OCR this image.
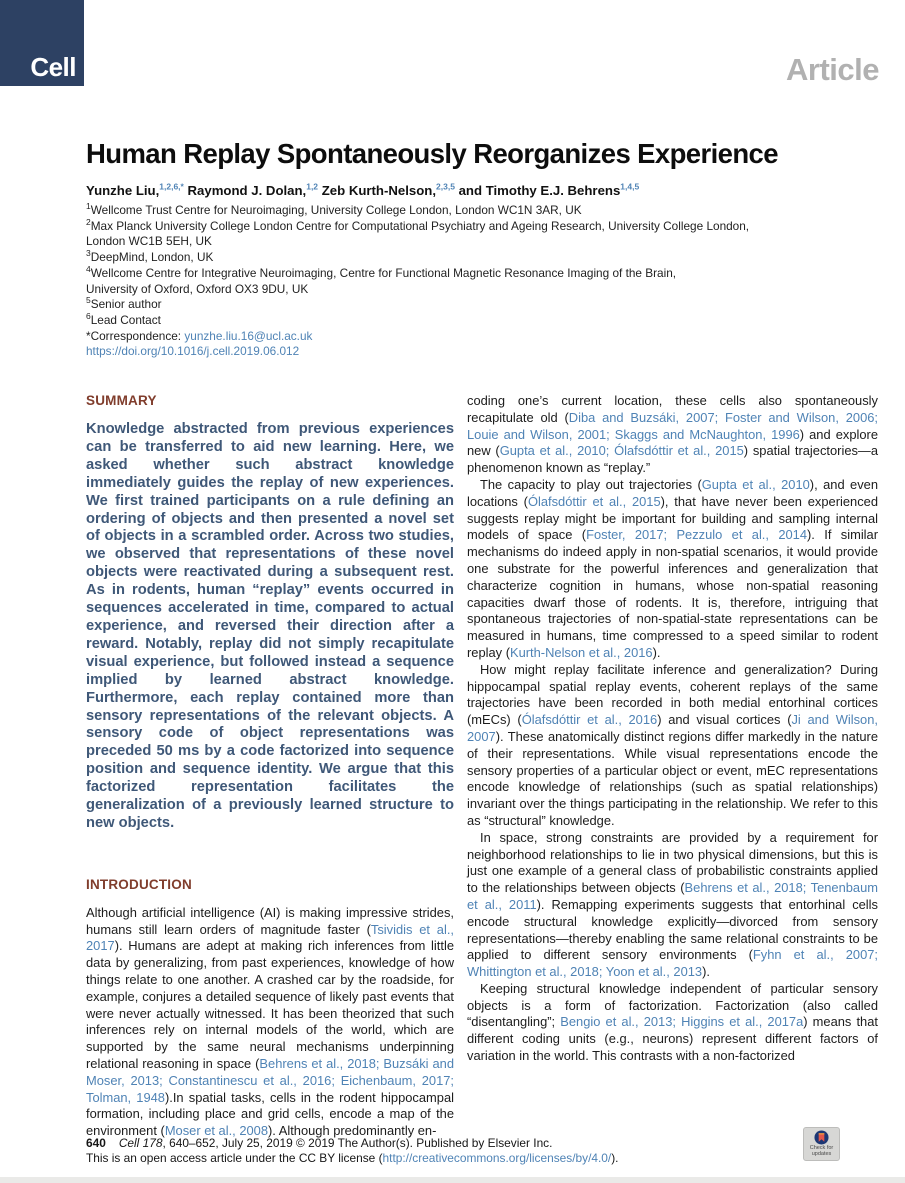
Cell	Article
Human Replay Spontaneously Reorganizes Experience
Yunzhe Liu,$^{1,2,6,*}$ Raymond J. Dolan,$^{1,2}$ Zeb Kurth-Nelson,$^{2,3,5}$ and Timothy E.J. Behrens$^{1,4,5}$

$^1$Wellcome Trust Centre for Neuroimaging, University College London, London WC1N 3AR, UK

$^2$Max Planck University College London Centre for Computational Psychiatry and Ageing Research, University College London,
London WC1B 5EH, UK

$^3$DeepMind, London, UK

$^4$Wellcome Centre for Integrative Neuroimaging, Centre for Functional Magnetic Resonance Imaging of the Brain,
University of Oxford, Oxford OX3 9DU, UK

$^5$Senior author

$^6$Lead Contact

*Correspondence: yunzhe.liu.16@ucl.ac.uk

https://doi.org/10.1016/j.cell.2019.06.012

SUMMARY

Knowledge abstracted from previous experiences can be transferred to aid new learning. Here, we asked whether such abstract knowledge immediately guides the replay of new experiences. We first trained participants on a rule defining an ordering of objects and then presented a novel set of objects in a scrambled order. Across two studies, we observed that representations of these novel objects were reactivated during a subsequent rest. As in rodents, human “replay” events occurred in sequences accelerated in time, compared to actual experience, and reversed their direction after a reward. Notably, replay did not simply recapitulate visual experience, but followed instead a sequence implied by learned abstract knowledge. Furthermore, each replay contained more than sensory representations of the relevant objects. A sensory code of object representations was preceded 50 ms by a code factorized into sequence position and sequence identity. We argue that this factorized representation facilitates the generalization of a previously learned structure to new objects.

INTRODUCTION

Although artificial intelligence (AI) is making impressive strides, humans still learn orders of magnitude faster (Tsividis et al., 2017). Humans are adept at making rich inferences from little data by generalizing, from past experiences, knowledge of how things relate to one another. A crashed car by the roadside, for example, conjures a detailed sequence of likely past events that were never actually witnessed. It has been theorized that such inferences rely on internal models of the world, which are supported by the same neural mechanisms underpinning relational reasoning in space (Behrens et al., 2018; Buzsáki and Moser, 2013; Constantinescu et al., 2016; Eichenbaum, 2017; Tolman, 1948).In spatial tasks, cells in the rodent hippocampal formation, including place and grid cells, encode a map of the environment (Moser et al., 2008). Although predominantly en-

coding one’s current location, these cells also spontaneously recapitulate old (Diba and Buzsáki, 2007; Foster and Wilson, 2006; Louie and Wilson, 2001; Skaggs and McNaughton, 1996) and explore new (Gupta et al., 2010; Ólafsdóttir et al., 2015) spatial trajectories—a phenomenon known as “replay.”

The capacity to play out trajectories (Gupta et al., 2010), and even locations (Ólafsdóttir et al., 2015), that have never been experienced suggests replay might be important for building and sampling internal models of space (Foster, 2017; Pezzulo et al., 2014). If similar mechanisms do indeed apply in non-spatial scenarios, it would provide one substrate for the powerful inferences and generalization that characterize cognition in humans, whose non-spatial reasoning capacities dwarf those of rodents. It is, therefore, intriguing that spontaneous trajectories of non-spatial-state representations can be measured in humans, time compressed to a speed similar to rodent replay (Kurth-Nelson et al., 2016).

How might replay facilitate inference and generalization? During hippocampal spatial replay events, coherent replays of the same trajectories have been recorded in both medial entorhinal cortices (mECs) (Ólafsdóttir et al., 2016) and visual cortices (Ji and Wilson, 2007). These anatomically distinct regions differ markedly in the nature of their representations. While visual representations encode the sensory properties of a particular object or event, mEC representations encode knowledge of relationships (such as spatial relationships) invariant over the things participating in the relationship. We refer to this as “structural” knowledge.

In space, strong constraints are provided by a requirement for neighborhood relationships to lie in two physical dimensions, but this is just one example of a general class of probabilistic constraints applied to the relationships between objects (Behrens et al., 2018; Tenenbaum et al., 2011). Remapping experiments suggests that entorhinal cells encode structural knowledge explicitly—divorced from sensory representations—thereby enabling the same relational constraints to be applied to different sensory environments (Fyhn et al., 2007; Whittington et al., 2018; Yoon et al., 2013).

Keeping structural knowledge independent of particular sensory objects is a form of factorization. Factorization (also called “disentangling”; Bengio et al., 2013; Higgins et al., 2017a) means that different coding units (e.g., neurons) represent different factors of variation in the world. This contrasts with a non-factorized

640 Cell 178, 640–652, July 25, 2019 © 2019 The Author(s). Published by Elsevier Inc.

This is an open access article under the CC BY license (http://creativecommons.org/licenses/by/4.0/).

Check for
updates
